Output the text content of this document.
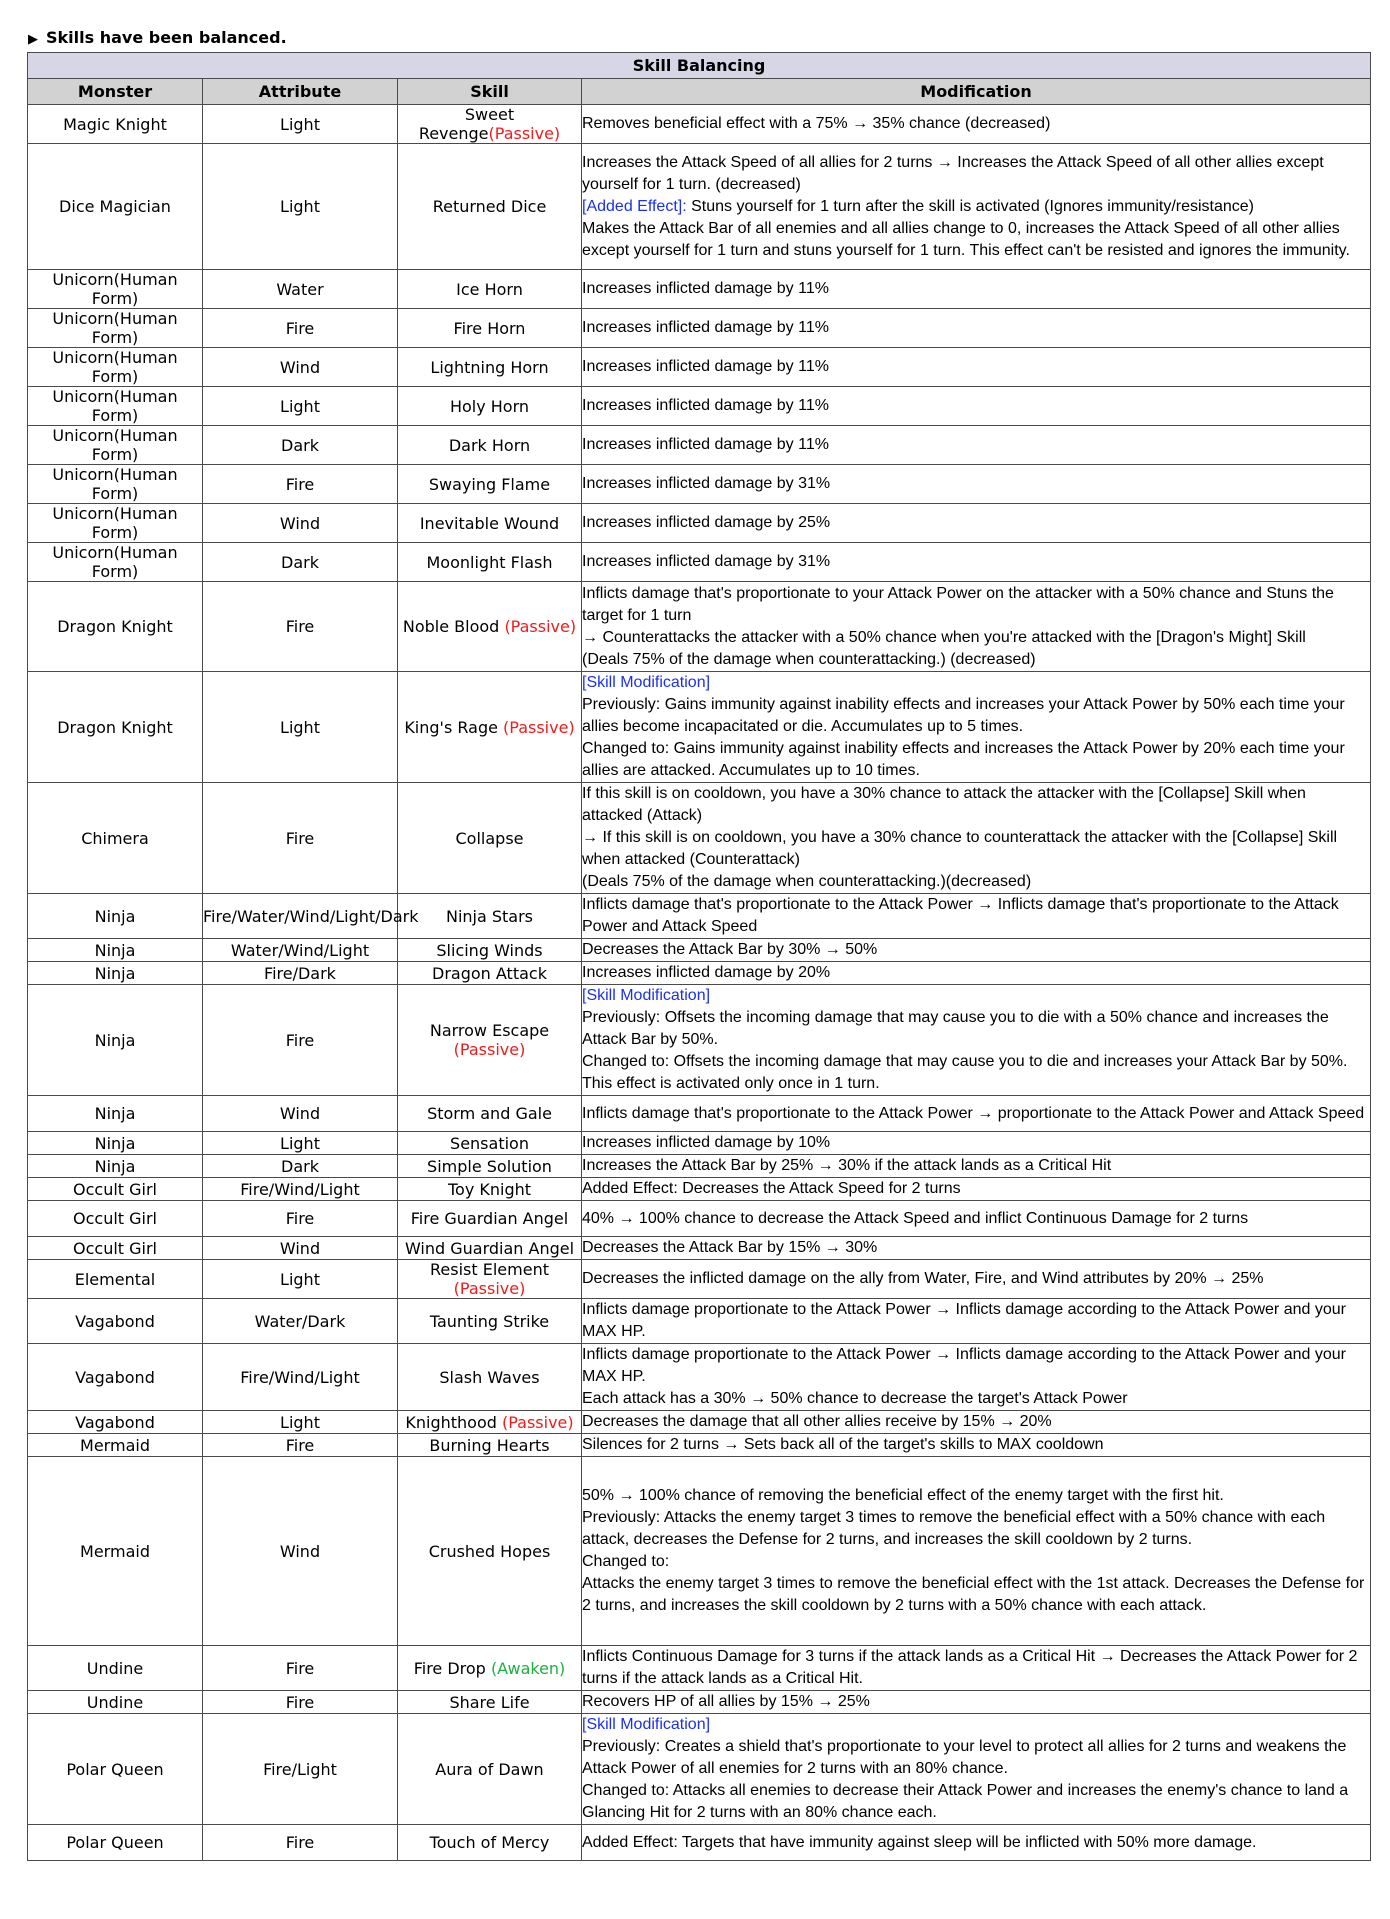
▶ Skills have been balanced.
Skill Balancing			
Monster	Attribute	Skill	Modification
Magic Knight	Light	Sweet Revenge(Passive)	Removes beneficial effect with a 75% → 35% chance (decreased)

Dice Magician	Light	Returned Dice	Increases the Attack Speed of all allies for 2 turns → Increases the Attack Speed of all other allies except yourself for 1 turn. (decreased)
[Added Effect]: Stuns yourself for 1 turn after the skill is activated (Ignores immunity/resistance)
Makes the Attack Bar of all enemies and all allies change to 0, increases the Attack Speed of all other allies except yourself for 1 turn and stuns yourself for 1 turn. This effect can't be resisted and ignores the immunity.

Unicorn(Human Form)	Water	Ice Horn	Increases inflicted damage by 11%

Unicorn(Human Form)	Fire	Fire Horn	Increases inflicted damage by 11%

Unicorn(Human Form)	Wind	Lightning Horn	Increases inflicted damage by 11%

Unicorn(Human Form)	Light	Holy Horn	Increases inflicted damage by 11%

Unicorn(Human Form)	Dark	Dark Horn	Increases inflicted damage by 11%

Unicorn(Human Form)	Fire	Swaying Flame	Increases inflicted damage by 31%

Unicorn(Human Form)	Wind	Inevitable Wound	Increases inflicted damage by 25%

Unicorn(Human Form)	Dark	Moonlight Flash	Increases inflicted damage by 31%

Dragon Knight	Fire	Noble Blood (Passive)	Inflicts damage that's proportionate to your Attack Power on the attacker with a 50% chance and Stuns the target for 1 turn
→ Counterattacks the attacker with a 50% chance when you're attacked with the [Dragon's Might] Skill
(Deals 75% of the damage when counterattacking.) (decreased)

Dragon Knight	Light	King's Rage (Passive)	[Skill Modification]
Previously: Gains immunity against inability effects and increases your Attack Power by 50% each time your allies become incapacitated or die. Accumulates up to 5 times.
Changed to: Gains immunity against inability effects and increases the Attack Power by 20% each time your allies are attacked. Accumulates up to 10 times.

Chimera	Fire	Collapse	If this skill is on cooldown, you have a 30% chance to attack the attacker with the [Collapse] Skill when attacked (Attack)
→ If this skill is on cooldown, you have a 30% chance to counterattack the attacker with the [Collapse] Skill when attacked (Counterattack)
(Deals 75% of the damage when counterattacking.)(decreased)

Ninja	Fire/Water/Wind/Light/Dark	Ninja Stars	Inflicts damage that's proportionate to the Attack Power → Inflicts damage that's proportionate to the Attack Power and Attack Speed

Ninja	Water/Wind/Light	Slicing Winds	Decreases the Attack Bar by 30% → 50%

Ninja	Fire/Dark	Dragon Attack	Increases inflicted damage by 20%

Ninja	Fire	Narrow Escape (Passive)	[Skill Modification]
Previously: Offsets the incoming damage that may cause you to die with a 50% chance and increases the Attack Bar by 50%.
Changed to: Offsets the incoming damage that may cause you to die and increases your Attack Bar by 50%. This effect is activated only once in 1 turn.

Ninja	Wind	Storm and Gale	Inflicts damage that's proportionate to the Attack Power → proportionate to the Attack Power and Attack Speed

Ninja	Light	Sensation	Increases inflicted damage by 10%

Ninja	Dark	Simple Solution	Increases the Attack Bar by 25% → 30% if the attack lands as a Critical Hit

Occult Girl	Fire/Wind/Light	Toy Knight	Added Effect: Decreases the Attack Speed for 2 turns

Occult Girl	Fire	Fire Guardian Angel	40% → 100% chance to decrease the Attack Speed and inflict Continuous Damage for 2 turns

Occult Girl	Wind	Wind Guardian Angel	Decreases the Attack Bar by 15% → 30%

Elemental	Light	Resist Element (Passive)	Decreases the inflicted damage on the ally from Water, Fire, and Wind attributes by 20% → 25%

Vagabond	Water/Dark	Taunting Strike	Inflicts damage proportionate to the Attack Power → Inflicts damage according to the Attack Power and your MAX HP.

Vagabond	Fire/Wind/Light	Slash Waves	Inflicts damage proportionate to the Attack Power → Inflicts damage according to the Attack Power and your MAX HP.
Each attack has a 30% → 50% chance to decrease the target's Attack Power

Vagabond	Light	Knighthood (Passive)	Decreases the damage that all other allies receive by 15% → 20%

Mermaid	Fire	Burning Hearts	Silences for 2 turns → Sets back all of the target's skills to MAX cooldown

Mermaid	Wind	Crushed Hopes	50% → 100% chance of removing the beneficial effect of the enemy target with the first hit.
Previously: Attacks the enemy target 3 times to remove the beneficial effect with a 50% chance with each attack, decreases the Defense for 2 turns, and increases the skill cooldown by 2 turns.
Changed to:
Attacks the enemy target 3 times to remove the beneficial effect with the 1st attack. Decreases the Defense for 2 turns, and increases the skill cooldown by 2 turns with a 50% chance with each attack.

Undine	Fire	Fire Drop (Awaken)	Inflicts Continuous Damage for 3 turns if the attack lands as a Critical Hit → Decreases the Attack Power for 2 turns if the attack lands as a Critical Hit.

Undine	Fire	Share Life	Recovers HP of all allies by 15% → 25%

Polar Queen	Fire/Light	Aura of Dawn	[Skill Modification]
Previously: Creates a shield that's proportionate to your level to protect all allies for 2 turns and weakens the Attack Power of all enemies for 2 turns with an 80% chance.
Changed to: Attacks all enemies to decrease their Attack Power and increases the enemy's chance to land a Glancing Hit for 2 turns with an 80% chance each.

Polar Queen	Fire	Touch of Mercy	Added Effect: Targets that have immunity against sleep will be inflicted with 50% more damage.
